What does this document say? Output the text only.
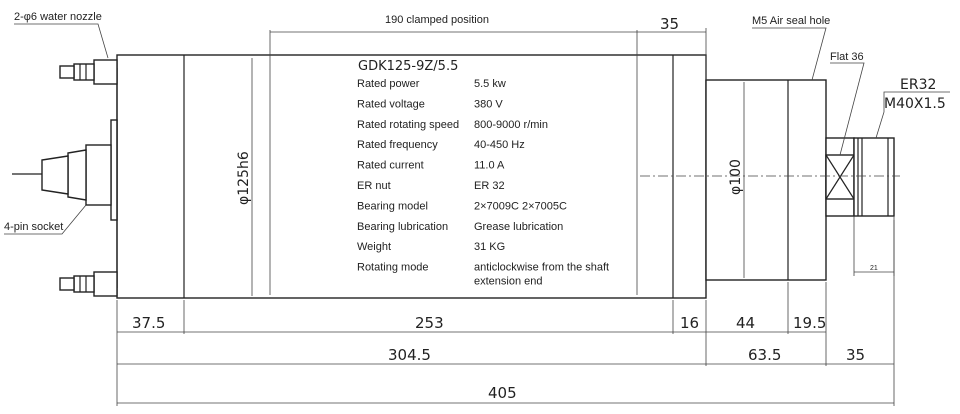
190 clamped position	35
φ125h6	φ100
2-φ6 water nozzle
4-pin socket
M5 Air seal hole
Flat 36
ER32
M40X1.5
21
GDK125-9Z/5.5
Rated power	5.5 kw
Rated voltage	380 V
Rated rotating speed 800-9000 r/min
Rated frequency	40-450 Hz
Rated current	11.0 A
ER nut	ER 32
Bearing model	2×7009C 2×7005C
Bearing lubrication Grease lubrication
Weight	31 KG
Rotating mode	anticlockwise from the shaft
extension end
37.5	253	16 44	19.5
304.5	63.5	35
405
